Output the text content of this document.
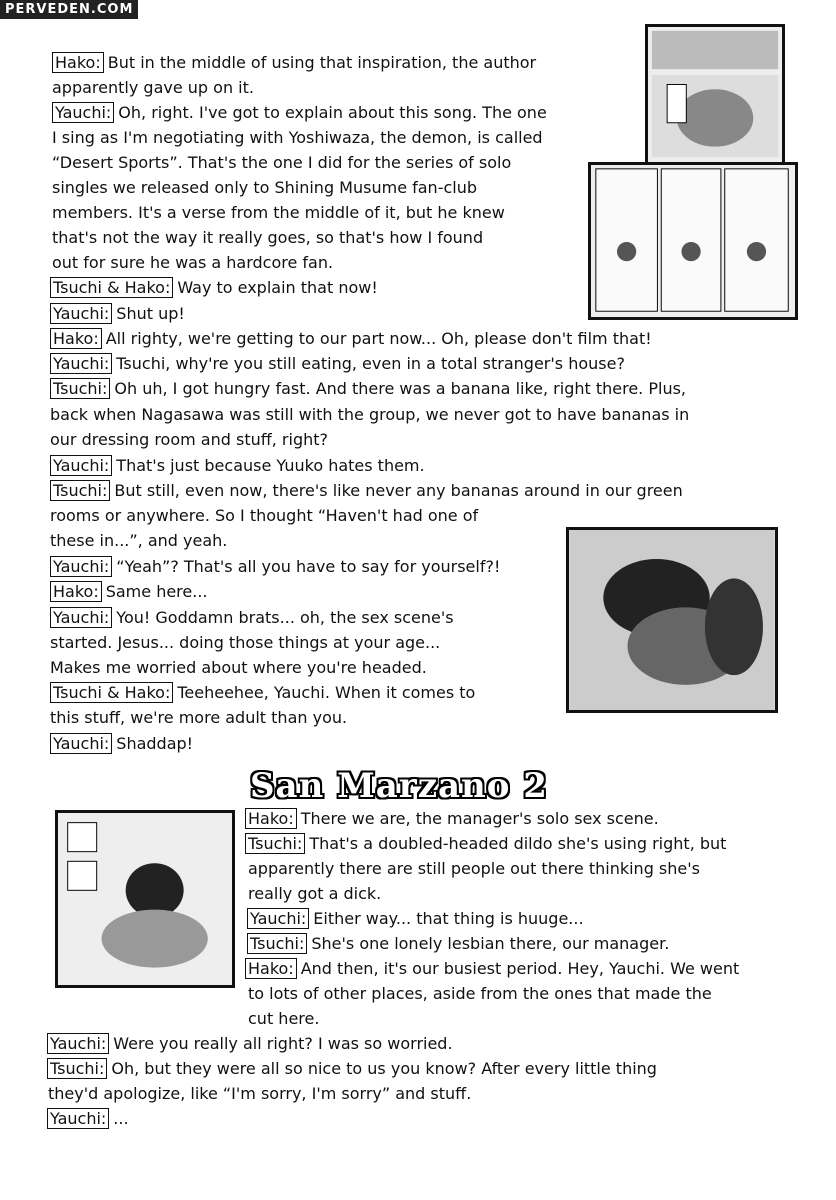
PERVEDEN.COM
San Marzano 2
Hako: But in the middle of using that inspiration, the author
apparently gave up on it.
Yauchi: Oh, right. I've got to explain about this song. The one
I sing as I'm negotiating with Yoshiwaza, the demon, is called
“Desert Sports”. That's the one I did for the series of solo
singles we released only to Shining Musume fan-club
members. It's a verse from the middle of it, but he knew
that's not the way it really goes, so that's how I found
out for sure he was a hardcore fan.
Tsuchi & Hako: Way to explain that now!
Yauchi: Shut up!
Hako: All righty, we're getting to our part now... Oh, please don't film that!
Yauchi: Tsuchi, why're you still eating, even in a total stranger's house?
Tsuchi: Oh uh, I got hungry fast. And there was a banana like, right there. Plus,
back when Nagasawa was still with the group, we never got to have bananas in
our dressing room and stuff, right?
Yauchi: That's just because Yuuko hates them.
Tsuchi: But still, even now, there's like never any bananas around in our green
rooms or anywhere. So I thought “Haven't had one of
these in...”, and yeah.
Yauchi: “Yeah”? That's all you have to say for yourself?!
Hako: Same here...
Yauchi: You! Goddamn brats... oh, the sex scene's
started. Jesus... doing those things at your age...
Makes me worried about where you're headed.
Tsuchi & Hako: Teeheehee, Yauchi. When it comes to
this stuff, we're more adult than you.
Yauchi: Shaddap!
Hako: There we are, the manager's solo sex scene.
Tsuchi: That's a doubled-headed dildo she's using right, but
apparently there are still people out there thinking she's
really got a dick.
Yauchi: Either way... that thing is huuge...
Tsuchi: She's one lonely lesbian there, our manager.
Hako: And then, it's our busiest period. Hey, Yauchi. We went
to lots of other places, aside from the ones that made the
cut here.
Yauchi: Were you really all right? I was so worried.
Tsuchi: Oh, but they were all so nice to us you know? After every little thing
they'd apologize, like “I'm sorry, I'm sorry” and stuff.
Yauchi: ...
